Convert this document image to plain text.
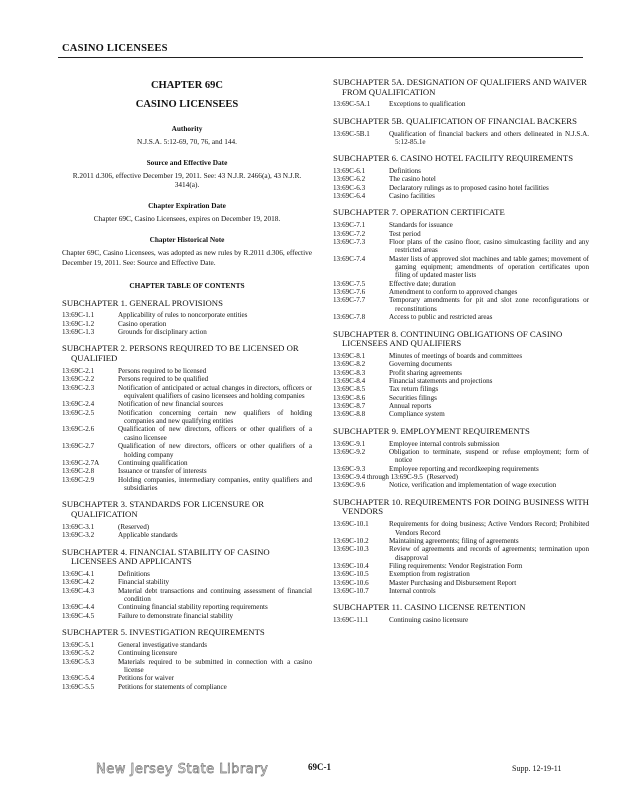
CASINO LICENSEES
CHAPTER 69C
CASINO LICENSEES
Authority
N.J.S.A. 5:12-69, 70, 76, and 144.
Source and Effective Date
R.2011 d.306, effective December 19, 2011. See: 43 N.J.R. 2466(a), 43 N.J.R. 3414(a).
Chapter Expiration Date
Chapter 69C, Casino Licensees, expires on December 19, 2018.
Chapter Historical Note
Chapter 69C, Casino Licensees, was adopted as new rules by R.2011 d.306, effective December 19, 2011. See: Source and Effective Date.
CHAPTER TABLE OF CONTENTS
SUBCHAPTER 1. GENERAL PROVISIONS
13:69C-1.1	Applicability of rules to noncorporate entities
13:69C-1.2	Casino operation
13:69C-1.3	Grounds for disciplinary action
SUBCHAPTER 2. PERSONS REQUIRED TO BE LICENSED OR QUALIFIED
13:69C-2.1	Persons required to be licensed
13:69C-2.2	Persons required to be qualified
13:69C-2.3	Notification of anticipated or actual changes in directors, officers or equivalent qualifiers of casino licensees and holding companies
13:69C-2.4	Notification of new financial sources
13:69C-2.5	Notification concerning certain new qualifiers of holding companies and new qualifying entities
13:69C-2.6	Qualification of new directors, officers or other qualifiers of a casino licensee
13:69C-2.7	Qualification of new directors, officers or other qualifiers of a holding company
13:69C-2.7A	Continuing qualification
13:69C-2.8	Issuance or transfer of interests
13:69C-2.9	Holding companies, intermediary companies, entity qualifiers and subsidiaries
SUBCHAPTER 3. STANDARDS FOR LICENSURE OR QUALIFICATION
13:69C-3.1	(Reserved)
13:69C-3.2	Applicable standards
SUBCHAPTER 4. FINANCIAL STABILITY OF CASINO LICENSEES AND APPLICANTS
13:69C-4.1	Definitions
13:69C-4.2	Financial stability
13:69C-4.3	Material debt transactions and continuing assessment of financial condition
13:69C-4.4	Continuing financial stability reporting requirements
13:69C-4.5	Failure to demonstrate financial stability
SUBCHAPTER 5. INVESTIGATION REQUIREMENTS
13:69C-5.1	General investigative standards
13:69C-5.2	Continuing licensure
13:69C-5.3	Materials required to be submitted in connection with a casino license
13:69C-5.4	Petitions for waiver
13:69C-5.5	Petitions for statements of compliance
SUBCHAPTER 5A. DESIGNATION OF QUALIFIERS AND WAIVER FROM QUALIFICATION
13:69C-5A.1	Exceptions to qualification
SUBCHAPTER 5B. QUALIFICATION OF FINANCIAL BACKERS
13:69C-5B.1	Qualification of financial backers and others delineated in N.J.S.A. 5:12-85.1e
SUBCHAPTER 6. CASINO HOTEL FACILITY REQUIREMENTS
13:69C-6.1	Definitions
13:69C-6.2	The casino hotel
13:69C-6.3	Declaratory rulings as to proposed casino hotel facilities
13:69C-6.4	Casino facilities
SUBCHAPTER 7. OPERATION CERTIFICATE
13:69C-7.1	Standards for issuance
13:69C-7.2	Test period
13:69C-7.3	Floor plans of the casino floor, casino simulcasting facility and any restricted areas
13:69C-7.4	Master lists of approved slot machines and table games; movement of gaming equipment; amendments of operation certificates upon filing of updated master lists
13:69C-7.5	Effective date; duration
13:69C-7.6	Amendment to conform to approved changes
13:69C-7.7	Temporary amendments for pit and slot zone reconfigurations or reconstitutions
13:69C-7.8	Access to public and restricted areas
SUBCHAPTER 8. CONTINUING OBLIGATIONS OF CASINO LICENSEES AND QUALIFIERS
13:69C-8.1	Minutes of meetings of boards and committees
13:69C-8.2	Governing documents
13:69C-8.3	Profit sharing agreements
13:69C-8.4	Financial statements and projections
13:69C-8.5	Tax return filings
13:69C-8.6	Securities filings
13:69C-8.7	Annual reports
13:69C-8.8	Compliance system
SUBCHAPTER 9. EMPLOYMENT REQUIREMENTS
13:69C-9.1	Employee internal controls submission
13:69C-9.2	Obligation to terminate, suspend or refuse employment; form of notice
13:69C-9.3	Employee reporting and recordkeeping requirements
13:69C-9.4 through 13:69C-9.5 (Reserved)
13:69C-9.6	Notice, verification and implementation of wage execution
SUBCHAPTER 10. REQUIREMENTS FOR DOING BUSINESS WITH VENDORS
13:69C-10.1	Requirements for doing business; Active Vendors Record; Prohibited Vendors Record
13:69C-10.2	Maintaining agreements; filing of agreements
13:69C-10.3	Review of agreements and records of agreements; termination upon disapproval
13:69C-10.4	Filing requirements: Vendor Registration Form
13:69C-10.5	Exemption from registration
13:69C-10.6	Master Purchasing and Disbursement Report
13:69C-10.7	Internal controls
SUBCHAPTER 11. CASINO LICENSE RETENTION
13:69C-11.1	Continuing casino licensure
New Jersey State Library	69C-1	Supp. 12-19-11
